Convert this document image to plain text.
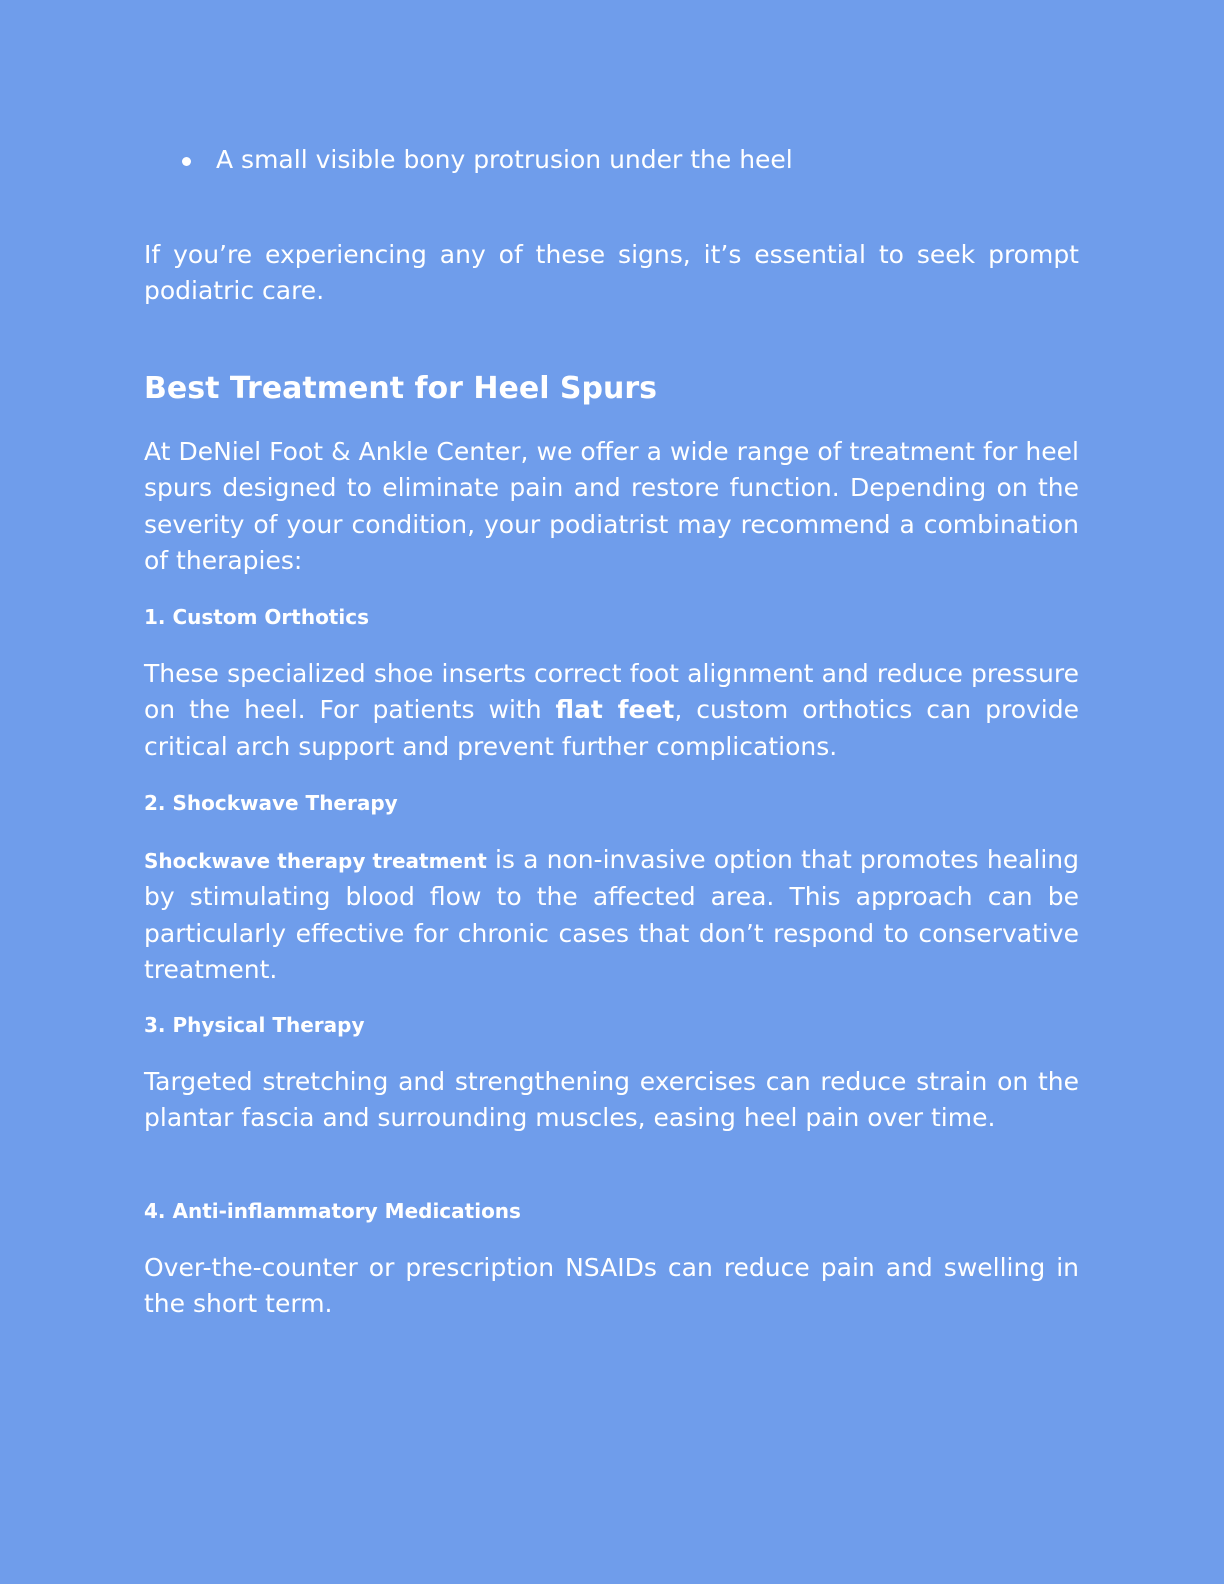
A small visible bony protrusion under the heel

If you’re experiencing any of these signs, it’s essential to seek prompt podiatric care.

Best Treatment for Heel Spurs

At DeNiel Foot & Ankle Center, we offer a wide range of treatment for heel spurs designed to eliminate pain and restore function. Depending on the severity of your condition, your podiatrist may recommend a combination of therapies:

1. Custom Orthotics

These specialized shoe inserts correct foot alignment and reduce pressure on the heel. For patients with flat feet, custom orthotics can provide critical arch support and prevent further complications.

2. Shockwave Therapy

Shockwave therapy treatment is a non-invasive option that promotes healing by stimulating blood flow to the affected area. This approach can be particularly effective for chronic cases that don’t respond to conservative treatment.

3. Physical Therapy

Targeted stretching and strengthening exercises can reduce strain on the plantar fascia and surrounding muscles, easing heel pain over time.

4. Anti-inflammatory Medications

Over-the-counter or prescription NSAIDs can reduce pain and swelling in the short term.
